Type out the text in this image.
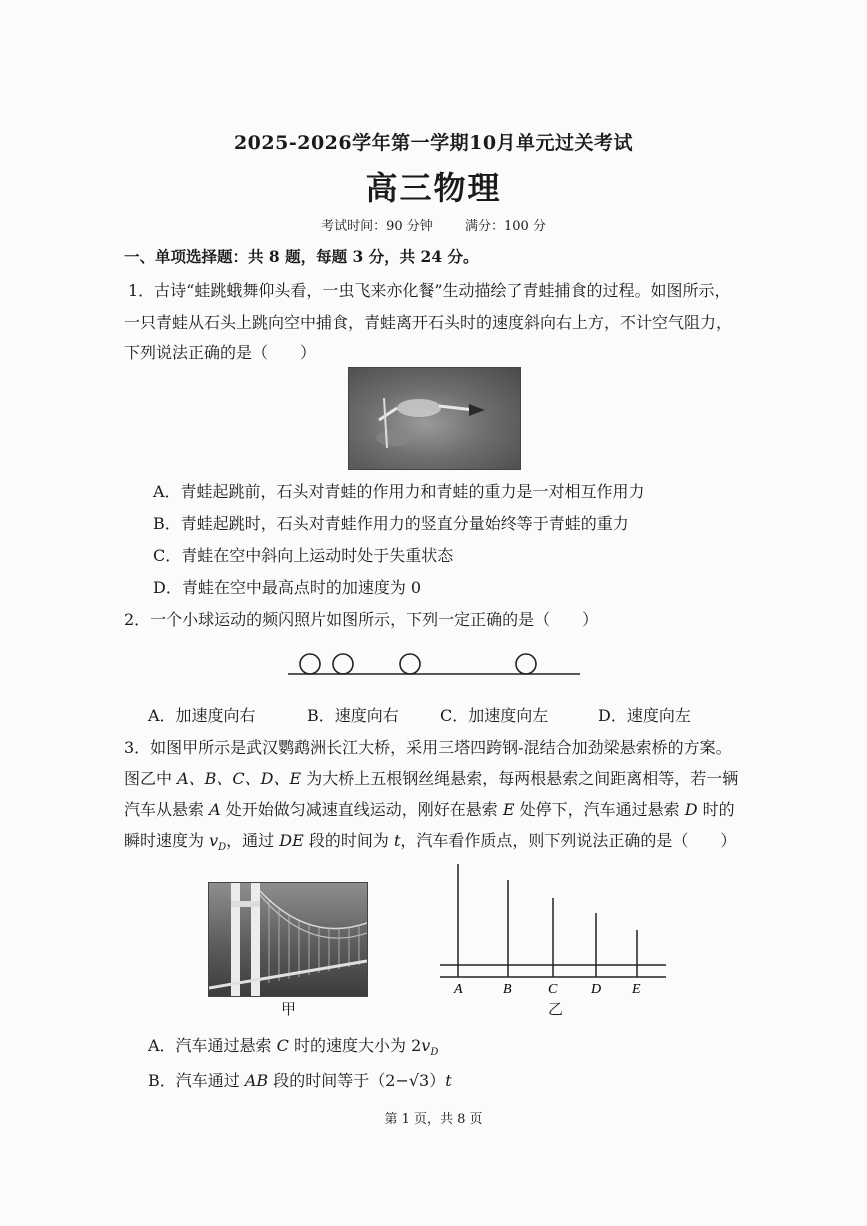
2025-2026学年第一学期10月单元过关考试
高三物理
考试时间：90 分钟 满分：100 分
一、单项选择题：共 8 题，每题 3 分，共 24 分。
1．古诗“蛙跳蛾舞仰头看，一虫飞来亦化餐”生动描绘了青蛙捕食的过程。如图所示，
一只青蛙从石头上跳向空中捕食，青蛙离开石头时的速度斜向右上方，不计空气阻力，
下列说法正确的是（　　）
A．青蛙起跳前，石头对青蛙的作用力和青蛙的重力是一对相互作用力
B．青蛙起跳时，石头对青蛙作用力的竖直分量始终等于青蛙的重力
C．青蛙在空中斜向上运动时处于失重状态
D．青蛙在空中最高点时的加速度为 0
2．一个小球运动的频闪照片如图所示，下列一定正确的是（　　）
A．加速度向右	B．速度向右	C．加速度向左	D．速度向左
3．如图甲所示是武汉鹦鹉洲长江大桥，采用三塔四跨钢-混结合加劲梁悬索桥的方案。
图乙中 A、B、C、D、E 为大桥上五根钢丝绳悬索，每两根悬索之间距离相等，若一辆
汽车从悬索 A 处开始做匀减速直线运动，刚好在悬索 E 处停下，汽车通过悬索 D 时的
瞬时速度为 $v_D$，通过 DE 段的时间为 t，汽车看作质点，则下列说法正确的是（　　）
甲
A	B	C D E
乙
A．汽车通过悬索 C 时的速度大小为 $2v_D$
B．汽车通过 AB 段的时间等于（2−√3）t
第 1 页，共 8 页
